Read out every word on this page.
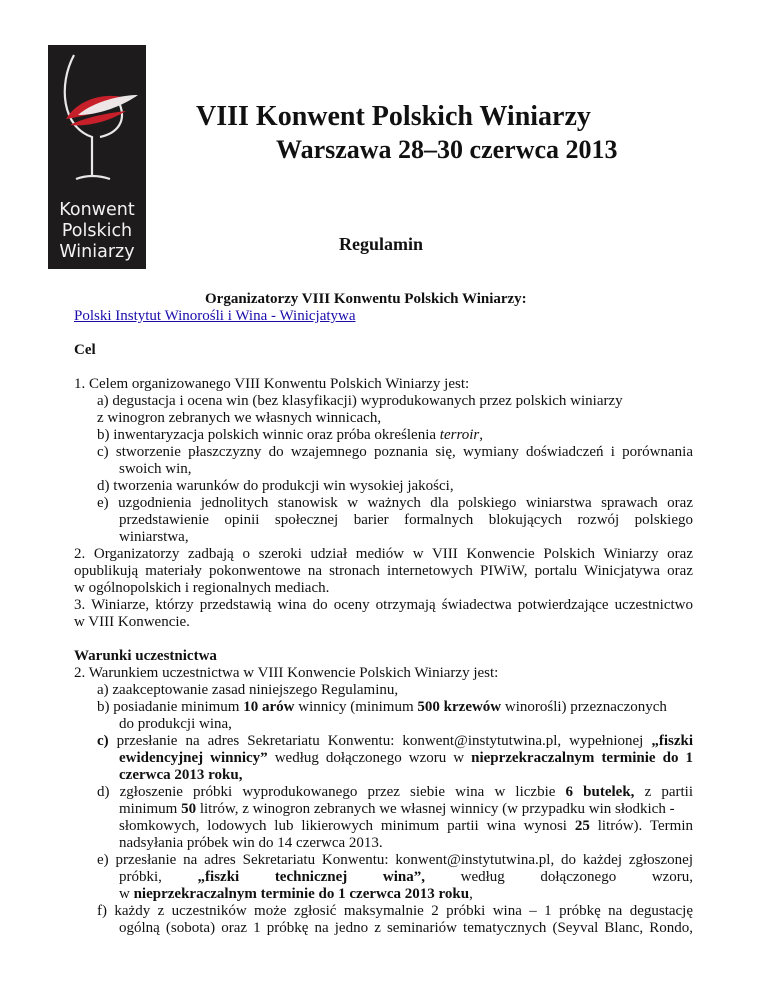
Konwent
Polskich
Winiarzy
VIII Konwent Polskich Winiarzy
Warszawa 28–30 czerwca 2013
Regulamin
Organizatorzy VIII Konwentu Polskich Winiarzy:
Polski Instytut Winorośli i Wina - Winicjatywa
Cel
1. Celem organizowanego VIII Konwentu Polskich Winiarzy jest:
a) degustacja i ocena win (bez klasyfikacji) wyprodukowanych przez polskich winiarzy
z winogron zebranych we własnych winnicach,
b) inwentaryzacja polskich winnic oraz próba określenia terroir,
c) stworzenie płaszczyzny do wzajemnego poznania się, wymiany doświadczeń i porównania
swoich win,
d) tworzenia warunków do produkcji win wysokiej jakości,
e) uzgodnienia jednolitych stanowisk w ważnych dla polskiego winiarstwa sprawach oraz
przedstawienie opinii społecznej barier formalnych blokujących rozwój polskiego
winiarstwa,
2. Organizatorzy zadbają o szeroki udział mediów w VIII Konwencie Polskich Winiarzy oraz
opublikują materiały pokonwentowe na stronach internetowych PIWiW, portalu Winicjatywa oraz
w ogólnopolskich i regionalnych mediach.
3. Winiarze, którzy przedstawią wina do oceny otrzymają świadectwa potwierdzające uczestnictwo
w VIII Konwencie.
Warunki uczestnictwa
2. Warunkiem uczestnictwa w VIII Konwencie Polskich Winiarzy jest:
a) zaakceptowanie zasad niniejszego Regulaminu,
b) posiadanie minimum 10 arów winnicy (minimum 500 krzewów winorośli) przeznaczonych
do produkcji wina,
c) przesłanie na adres Sekretariatu Konwentu: konwent@instytutwina.pl, wypełnionej „fiszki
ewidencyjnej winnicy” według dołączonego wzoru w nieprzekraczalnym terminie do 1
czerwca 2013 roku,
d) zgłoszenie próbki wyprodukowanego przez siebie wina w liczbie 6 butelek, z partii
minimum 50 litrów, z winogron zebranych we własnej winnicy (w przypadku win słodkich -
słomkowych, lodowych lub likierowych minimum partii wina wynosi 25 litrów). Termin
nadsyłania próbek win do 14 czerwca 2013.
e) przesłanie na adres Sekretariatu Konwentu: konwent@instytutwina.pl, do każdej zgłoszonej
próbki, „fiszki technicznej wina”, według dołączonego wzoru,
w nieprzekraczalnym terminie do 1 czerwca 2013 roku,
f) każdy z uczestników może zgłosić maksymalnie 2 próbki wina – 1 próbkę na degustację
ogólną (sobota) oraz 1 próbkę na jedno z seminariów tematycznych (Seyval Blanc, Rondo,
